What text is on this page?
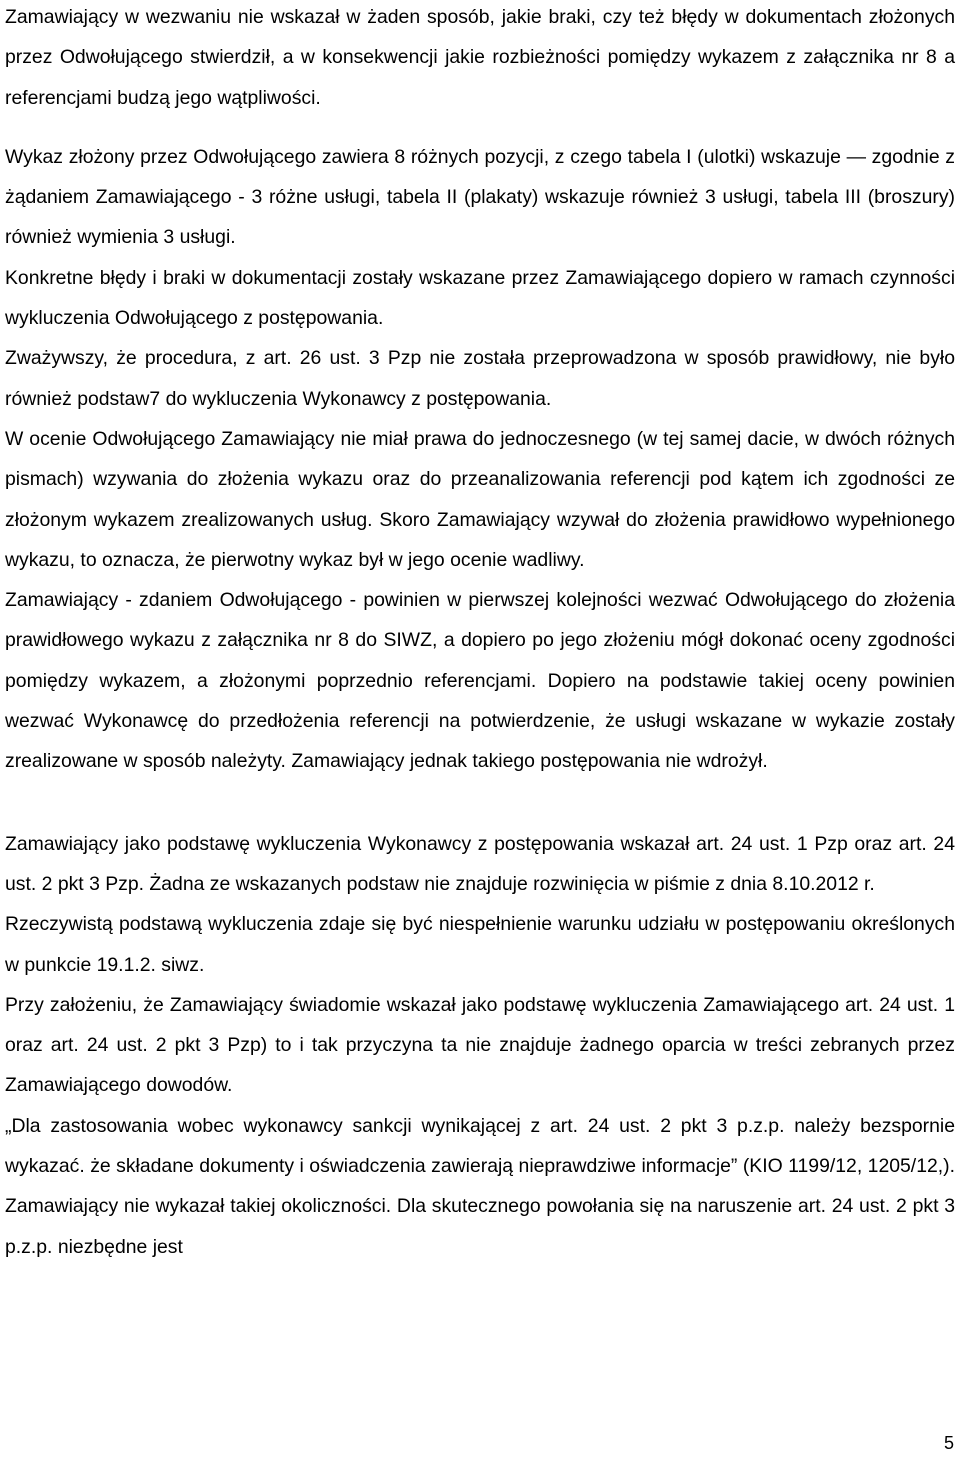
Zamawiający w wezwaniu nie wskazał w żaden sposób, jakie braki, czy też błędy w dokumentach złożonych przez Odwołującego stwierdził, a w konsekwencji jakie rozbieżności pomiędzy wykazem z załącznika nr 8 a referencjami budzą jego wątpliwości.

Wykaz złożony przez Odwołującego zawiera 8 różnych pozycji, z czego tabela I (ulotki) wskazuje — zgodnie z żądaniem Zamawiającego - 3 różne usługi, tabela II (plakaty) wskazuje również 3 usługi, tabela III (broszury) również wymienia 3 usługi.

Konkretne błędy i braki w dokumentacji zostały wskazane przez Zamawiającego dopiero w ramach czynności wykluczenia Odwołującego z postępowania.

Zważywszy, że procedura, z art. 26 ust. 3 Pzp nie została przeprowadzona w sposób prawidłowy, nie było również podstaw7 do wykluczenia Wykonawcy z postępowania.

W ocenie Odwołującego Zamawiający nie miał prawa do jednoczesnego (w tej samej dacie, w dwóch różnych pismach) wzywania do złożenia wykazu oraz do przeanalizowania referencji pod kątem ich zgodności ze złożonym wykazem zrealizowanych usług. Skoro Zamawiający wzywał do złożenia prawidłowo wypełnionego wykazu, to oznacza, że pierwotny wykaz był w jego ocenie wadliwy.

Zamawiający - zdaniem Odwołującego - powinien w pierwszej kolejności wezwać Odwołującego do złożenia prawidłowego wykazu z załącznika nr 8 do SIWZ, a dopiero po jego złożeniu mógł dokonać oceny zgodności pomiędzy wykazem, a złożonymi poprzednio referencjami. Dopiero na podstawie takiej oceny powinien wezwać Wykonawcę do przedłożenia referencji na potwierdzenie, że usługi wskazane w wykazie zostały zrealizowane w sposób należyty. Zamawiający jednak takiego postępowania nie wdrożył.

Zamawiający jako podstawę wykluczenia Wykonawcy z postępowania wskazał art. 24 ust. 1 Pzp oraz art. 24 ust. 2 pkt 3 Pzp. Żadna ze wskazanych podstaw nie znajduje rozwinięcia w piśmie z dnia 8.10.2012 r.

Rzeczywistą podstawą wykluczenia zdaje się być niespełnienie warunku udziału w postępowaniu określonych w punkcie 19.1.2. siwz.

Przy założeniu, że Zamawiający świadomie wskazał jako podstawę wykluczenia Zamawiającego art. 24 ust. 1 oraz art. 24 ust. 2 pkt 3 Pzp) to i tak przyczyna ta nie znajduje żadnego oparcia w treści zebranych przez Zamawiającego dowodów.

„Dla zastosowania wobec wykonawcy sankcji wynikającej z art. 24 ust. 2 pkt 3 p.z.p. należy bezspornie wykazać. że składane dokumenty i oświadczenia zawierają nieprawdziwe informacje” (KIO 1199/12, 1205/12,). Zamawiający nie wykazał takiej okoliczności. Dla skutecznego powołania się na naruszenie art. 24 ust. 2 pkt 3 p.z.p. niezbędne jest

5
